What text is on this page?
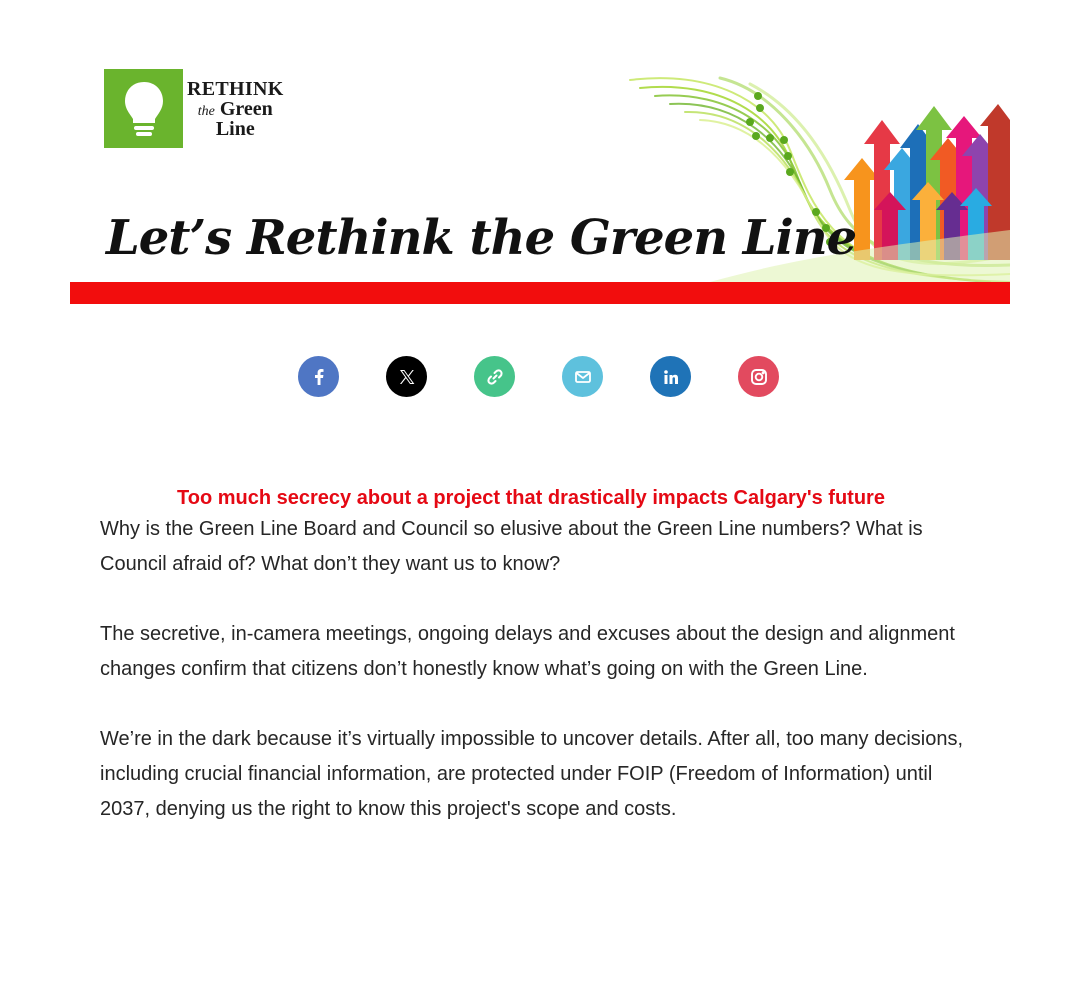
RETHINK
the Green
Line
Let’s Rethink the Green Line
Too much secrecy about a project that drastically impacts Calgary's future

Why is the Green Line Board and Council so elusive about the Green Line numbers? What is Council afraid of? What don’t they want us to know?

The secretive, in-camera meetings, ongoing delays and excuses about the design and alignment changes confirm that citizens don’t honestly know what’s going on with the Green Line.

We’re in the dark because it’s virtually impossible to uncover details. After all, too many decisions, including crucial financial information, are protected under FOIP (Freedom of Information) until 2037, denying us the right to know this project's scope and costs.
